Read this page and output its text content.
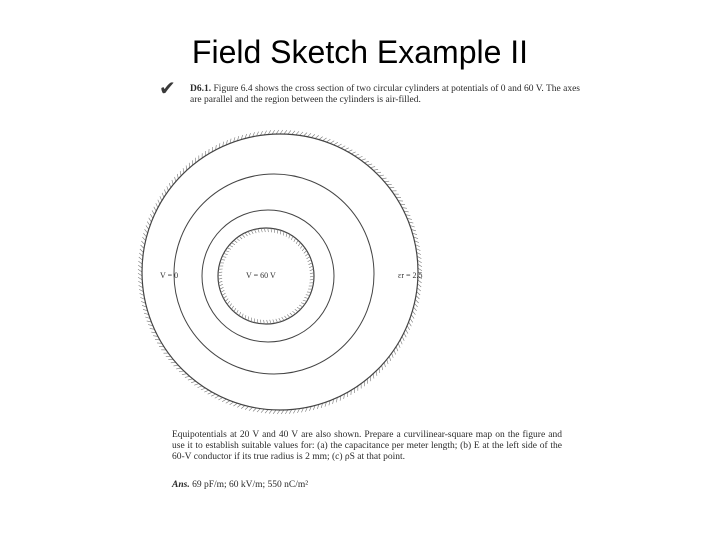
Field Sketch Example II
✔ D6.1. Figure 6.4 shows the cross section of two circular cylinders at potentials of 0 and 60 V. The axes are parallel and the region between the cylinders is air-filled.
V = 0	V = 60 V	εr = 2.5
Equipotentials at 20 V and 40 V are also shown. Prepare a curvilinear-square map on the figure and use it to establish suitable values for: (a) the capacitance per meter length; (b) E at the left side of the 60-V conductor if its true radius is 2 mm; (c) ρS at that point.
Ans. 69 pF/m; 60 kV/m; 550 nC/m²
